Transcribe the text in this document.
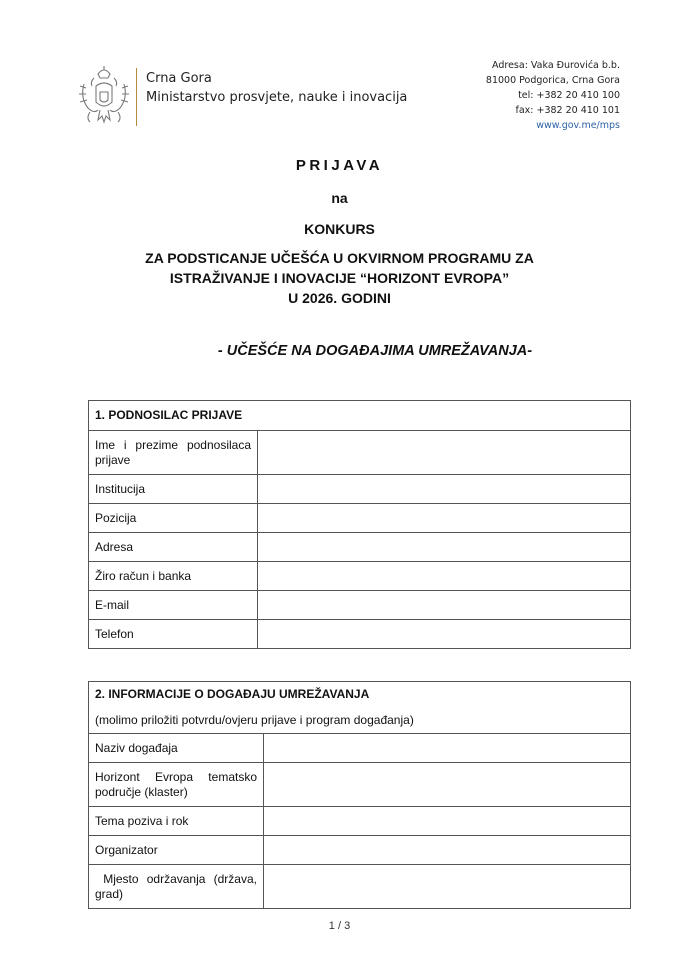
Crna Gora
Ministarstvo prosvjete, nauke i inovacija
Adresa: Vaka Đurovića b.b.
81000 Podgorica, Crna Gora
tel: +382 20 410 100
fax: +382 20 410 101
www.gov.me/mps
PRIJAVA
na
KONKURS
ZA PODSTICANJE UČEŠĆA U OKVIRNOM PROGRAMU ZA
ISTRAŽIVANJE I INOVACIJE “HORIZONT EVROPA”
U 2026. GODINI
- UČEŠĆE NA DOGAĐAJIMA UMREŽAVANJA-
1. PODNOSILAC PRIJAVE	
Ime i prezime podnosilaca prijave	
Institucija	
Pozicija	
Adresa	
Žiro račun i banka	
E-mail	
Telefon	
2. INFORMACIJE O DOGAĐAJU UMREŽAVANJA	
(molimo priložiti potvrdu/ovjeru prijave i program događanja)	
Naziv događaja	
Horizont Evropa tematsko područje (klaster)	
Tema poziva i rok	
Organizator	
Mjesto održavanja (država, grad)	
1 / 3
